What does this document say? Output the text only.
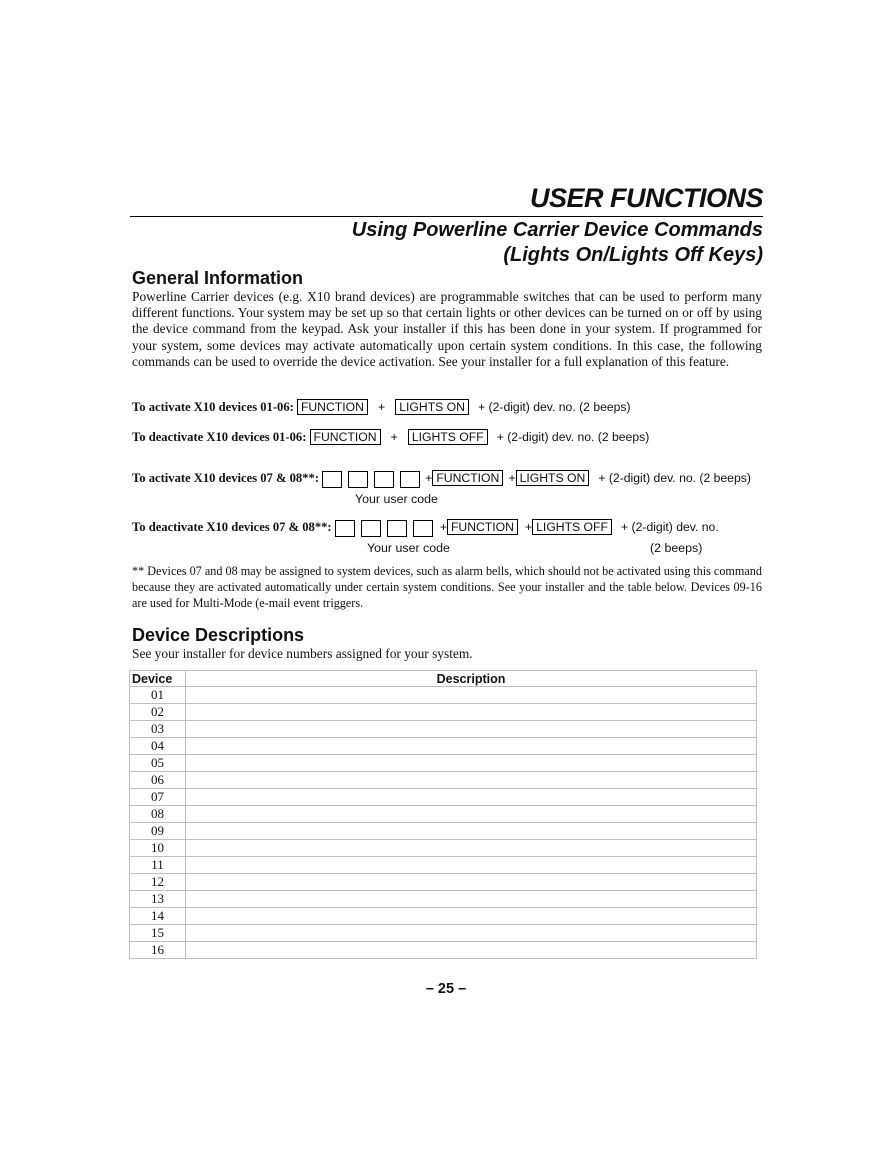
USER FUNCTIONS
Using Powerline Carrier Device Commands
(Lights On/Lights Off Keys)
General Information
Powerline Carrier devices (e.g. X10 brand devices) are programmable switches that can be used to perform many different functions. Your system may be set up so that certain lights or other devices can be turned on or off by using the device command from the keypad. Ask your installer if this has been done in your system. If programmed for your system, some devices may activate automatically upon certain system conditions. In this case, the following commands can be used to override the device activation. See your installer for a full explanation of this feature.
To activate X10 devices 01-06: FUNCTION + LIGHTS ON + (2-digit) dev. no. (2 beeps)
To deactivate X10 devices 01-06: FUNCTION + LIGHTS OFF + (2-digit) dev. no. (2 beeps)
To activate X10 devices 07 & 08**:	+ FUNCTION + LIGHTS ON + (2-digit) dev. no. (2 beeps)
Your user code
To deactivate X10 devices 07 & 08**:	+ FUNCTION + LIGHTS OFF + (2-digit) dev. no.
Your user code	(2 beeps)
** Devices 07 and 08 may be assigned to system devices, such as alarm bells, which should not be activated using this command because they are activated automatically under certain system conditions. See your installer and the table below. Devices 09-16 are used for Multi-Mode (e-mail event triggers.
Device Descriptions
See your installer for device numbers assigned for your system.
Device	Description
01	
02	
03	
04	
05	
06	
07	
08	
09	
10	
11	
12	
13	
14	
15	
16	
– 25 –
